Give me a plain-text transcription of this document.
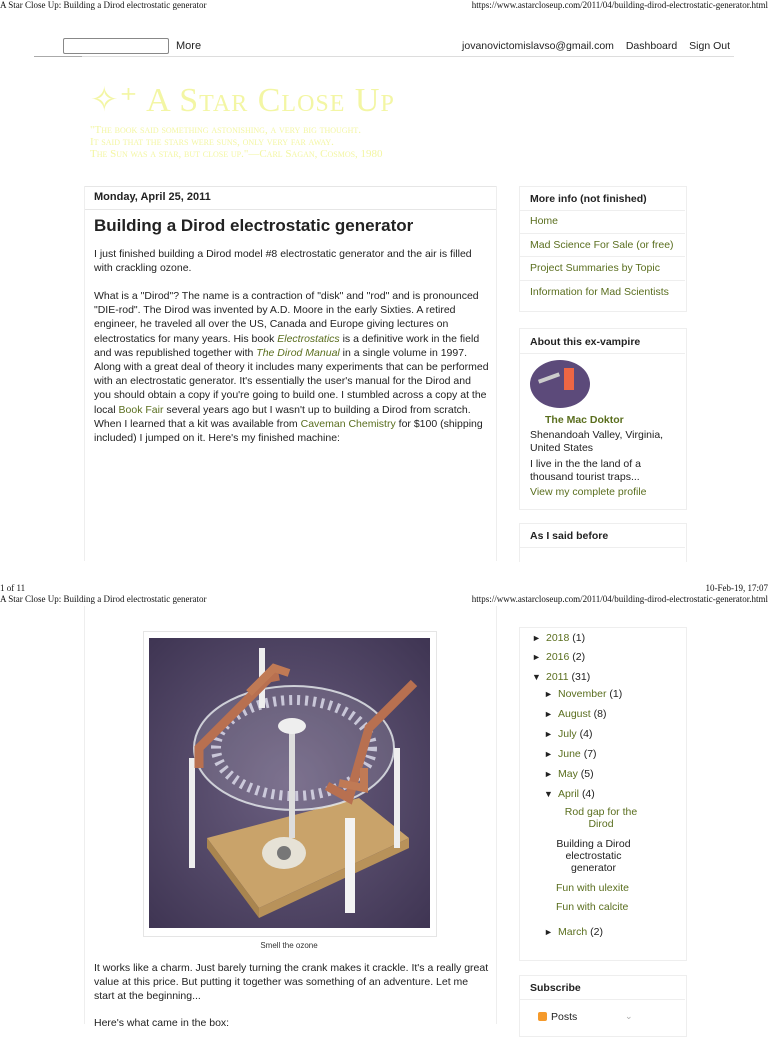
A Star Close Up: Building a Dirod electrostatic generator	https://www.astarcloseup.com/2011/04/building-dirod-electrostatic-generator.html
More	jovanovictomislavso@gmail.com Dashboard Sign Out
✧⁺ A Star Close Up
"The book said something astonishing, a very big thought.
It said that the stars were suns, only very far away.
The Sun was a star, but close up."—Carl Sagan, Cosmos, 1980
Monday, April 25, 2011
Building a Dirod electrostatic generator

I just finished building a Dirod model #8 electrostatic generator and the air is filled with crackling ozone.

What is a "Dirod"? The name is a contraction of "disk" and "rod" and is pronounced "DIE-rod". The Dirod was invented by A.D. Moore in the early Sixties. A retired engineer, he traveled all over the US, Canada and Europe giving lectures on electrostatics for many years. His book Electrostatics is a definitive work in the field and was republished together with The Dirod Manual in a single volume in 1997. Along with a great deal of theory it includes many experiments that can be performed with an electrostatic generator. It's essentially the user's manual for the Dirod and you should obtain a copy if you're going to build one. I stumbled across a copy at the local Book Fair several years ago but I wasn't up to building a Dirod from scratch. When I learned that a kit was available from Caveman Chemistry for $100 (shipping included) I jumped on it. Here's my finished machine:

More info (not finished)
Home
Mad Science For Sale (or free)
Project Summaries by Topic
Information for Mad Scientists
About this ex-vampire
The Mac Doktor
Shenandoah Valley, Virginia, United States
I live in the the land of a thousand tourist traps...
View my complete profile
As I said before
1 of 11	10-Feb-19, 17:07
A Star Close Up: Building a Dirod electrostatic generator	https://www.astarcloseup.com/2011/04/building-dirod-electrostatic-generator.html
Smell the ozone

It works like a charm. Just barely turning the crank makes it crackle. It's a really great value at this price. But putting it together was something of an adventure. Let me start at the beginning...

Here's what came in the box:

► 2018 (1)
► 2016 (2)
▼ 2011 (31)
► November (1)
► August (8)
► July (4)
► June (7)
► May (5)
▼ April (4)
Rod gap for the Dirod
Building a Dirod electrostatic generator
Fun with ulexite
Fun with calcite
► March (2)
Subscribe
Posts	⌄
